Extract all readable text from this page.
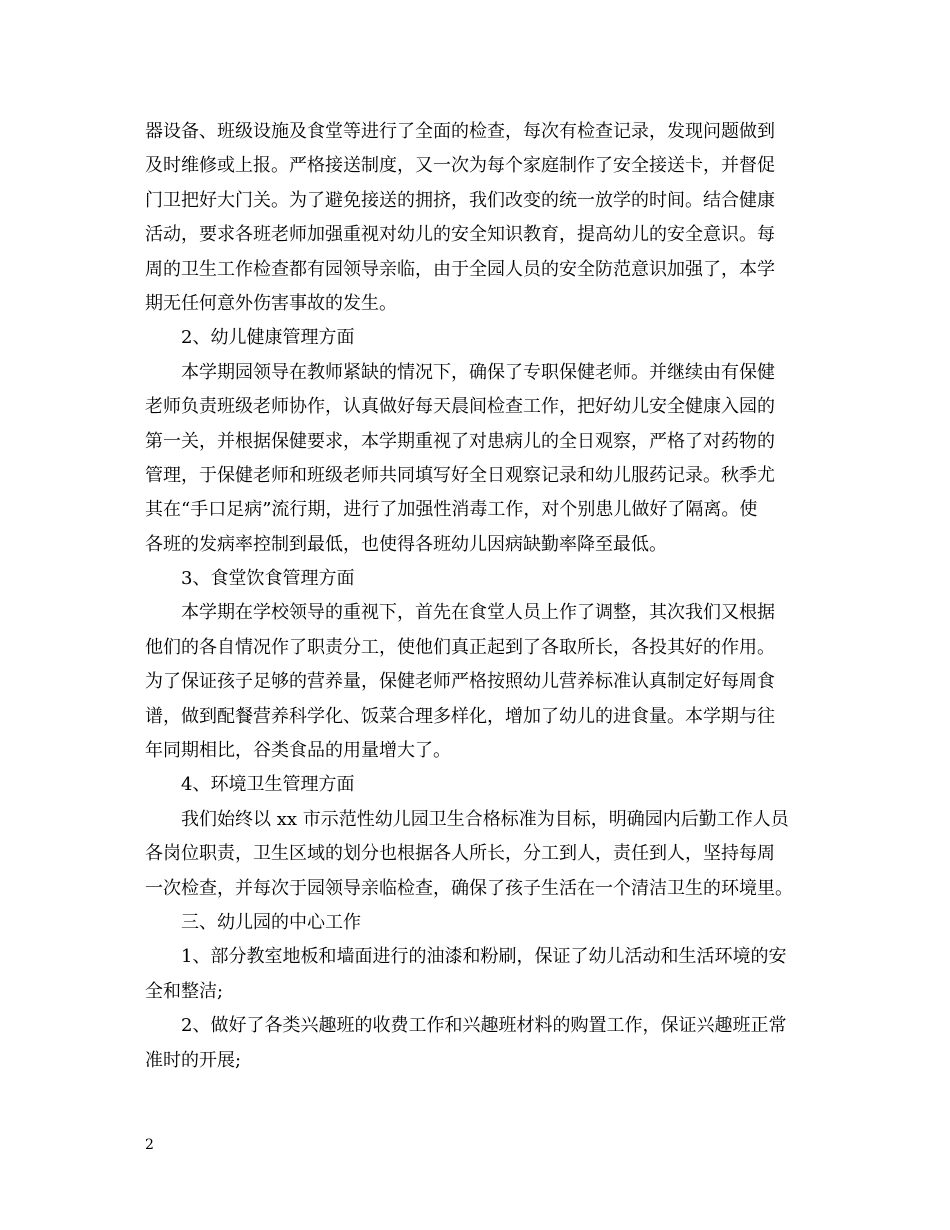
器设备、班级设施及食堂等进行了全面的检查，每次有检查记录，发现问题做到
及时维修或上报。严格接送制度，又一次为每个家庭制作了安全接送卡，并督促
门卫把好大门关。为了避免接送的拥挤，我们改变的统一放学的时间。结合健康
活动，要求各班老师加强重视对幼儿的安全知识教育，提高幼儿的安全意识。每
周的卫生工作检查都有园领导亲临，由于全园人员的安全防范意识加强了，本学
期无任何意外伤害事故的发生。
2、幼儿健康管理方面
本学期园领导在教师紧缺的情况下，确保了专职保健老师。并继续由有保健
老师负责班级老师协作，认真做好每天晨间检查工作，把好幼儿安全健康入园的
第一关，并根据保健要求，本学期重视了对患病儿的全日观察，严格了对药物的
管理，于保健老师和班级老师共同填写好全日观察记录和幼儿服药记录。秋季尤
其在“手口足病”流行期，进行了加强性消毒工作，对个别患儿做好了隔离。使
各班的发病率控制到最低，也使得各班幼儿因病缺勤率降至最低。
3、食堂饮食管理方面
本学期在学校领导的重视下，首先在食堂人员上作了调整，其次我们又根据
他们的各自情况作了职责分工，使他们真正起到了各取所长，各投其好的作用。
为了保证孩子足够的营养量，保健老师严格按照幼儿营养标准认真制定好每周食
谱，做到配餐营养科学化、饭菜合理多样化，增加了幼儿的进食量。本学期与往
年同期相比，谷类食品的用量增大了。
4、环境卫生管理方面
我们始终以 xx 市示范性幼儿园卫生合格标准为目标，明确园内后勤工作人员
各岗位职责，卫生区域的划分也根据各人所长，分工到人，责任到人，坚持每周
一次检查，并每次于园领导亲临检查，确保了孩子生活在一个清洁卫生的环境里。
三、幼儿园的中心工作
1、部分教室地板和墙面进行的油漆和粉刷，保证了幼儿活动和生活环境的安
全和整洁;
2、做好了各类兴趣班的收费工作和兴趣班材料的购置工作，保证兴趣班正常
准时的开展;
2
